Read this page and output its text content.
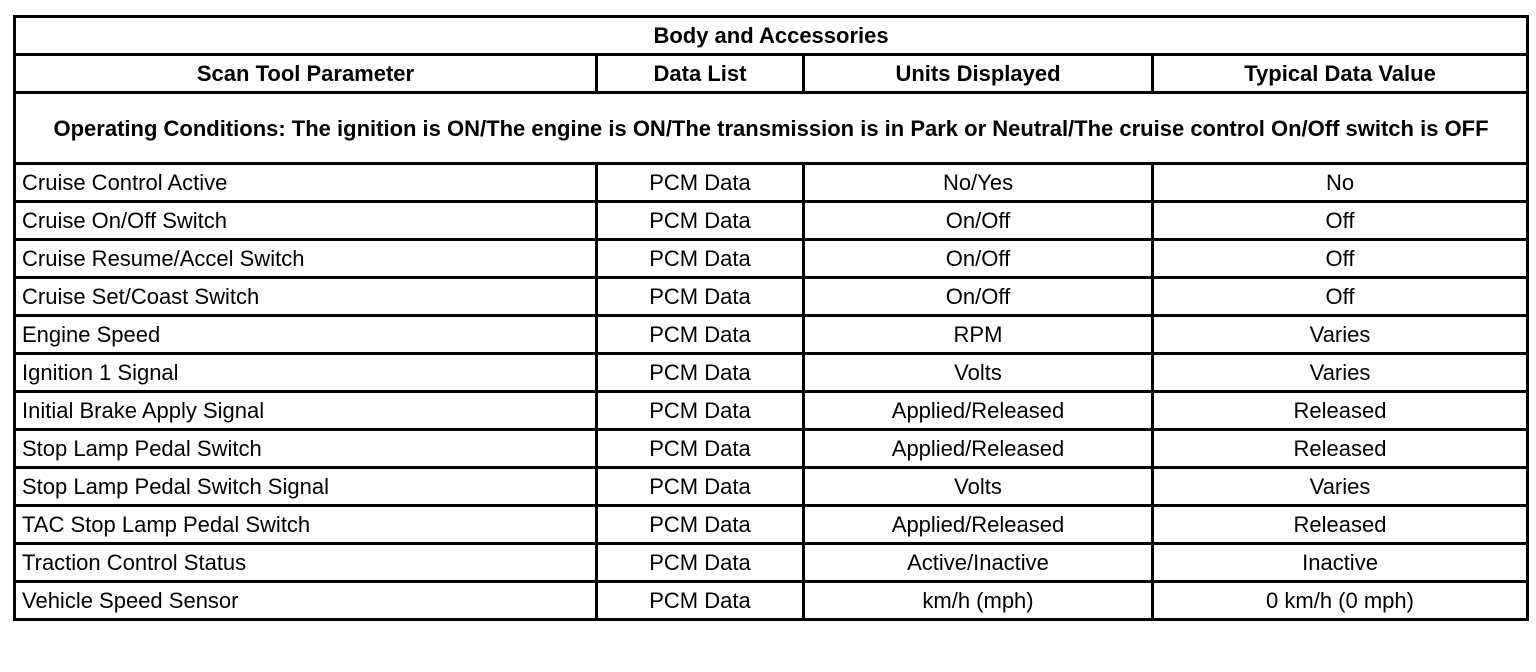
Body and Accessories			
Scan Tool Parameter	Data List	Units Displayed	Typical Data Value
Operating Conditions: The ignition is ON/The engine is ON/The transmission is in Park or Neutral/The cruise control On/Off switch is OFF			
Cruise Control Active	PCM Data	No/Yes	No
Cruise On/Off Switch	PCM Data	On/Off	Off
Cruise Resume/Accel Switch	PCM Data	On/Off	Off
Cruise Set/Coast Switch	PCM Data	On/Off	Off
Engine Speed	PCM Data	RPM	Varies
Ignition 1 Signal	PCM Data	Volts	Varies
Initial Brake Apply Signal	PCM Data	Applied/Released	Released
Stop Lamp Pedal Switch	PCM Data	Applied/Released	Released
Stop Lamp Pedal Switch Signal	PCM Data	Volts	Varies
TAC Stop Lamp Pedal Switch	PCM Data	Applied/Released	Released
Traction Control Status	PCM Data	Active/Inactive	Inactive
Vehicle Speed Sensor	PCM Data	km/h (mph)	0 km/h (0 mph)
